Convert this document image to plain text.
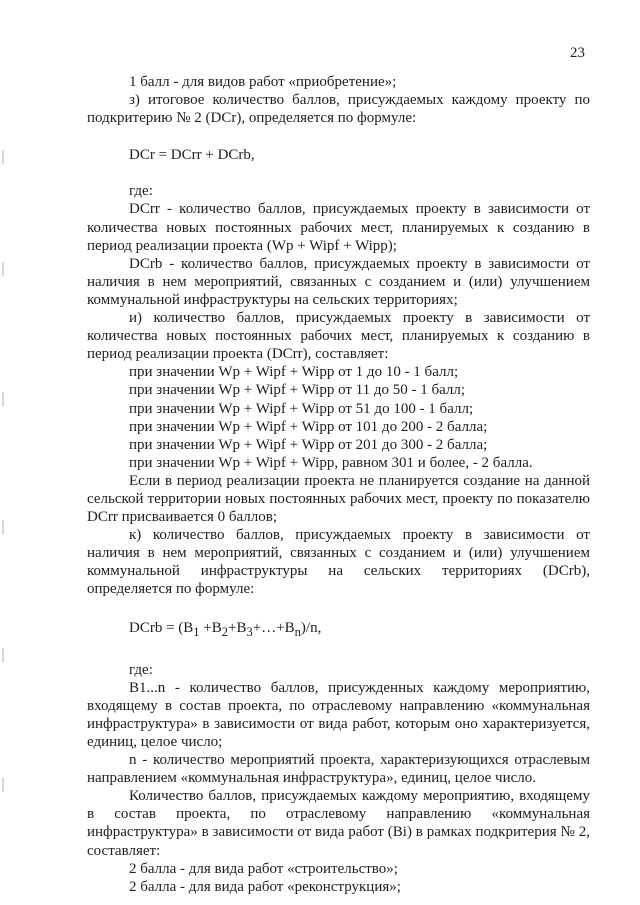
23

1 балл - для видов работ «приобретение»;

з) итоговое количество баллов, присуждаемых каждому проекту по подкритерию № 2 (DCr), определяется по формуле:

DCr = DCrr + DCrb,

где:

DCrr - количество баллов, присуждаемых проекту в зависимости от количества новых постоянных рабочих мест, планируемых к созданию в период реализации проекта (Wp + Wipf + Wipp);

DCrb - количество баллов, присуждаемых проекту в зависимости от наличия в нем мероприятий, связанных с созданием и (или) улучшением коммунальной инфраструктуры на сельских территориях;

и) количество баллов, присуждаемых проекту в зависимости от количества новых постоянных рабочих мест, планируемых к созданию в период реализации проекта (DCrr), составляет:

при значении Wp + Wipf + Wipp от 1 до 10 - 1 балл;

при значении Wp + Wipf + Wipp от 11 до 50 - 1 балл;

при значении Wp + Wipf + Wipp от 51 до 100 - 1 балл;

при значении Wp + Wipf + Wipp от 101 до 200 - 2 балла;

при значении Wp + Wipf + Wipp от 201 до 300 - 2 балла;

при значении Wp + Wipf + Wipp, равном 301 и более, - 2 балла.

Если в период реализации проекта не планируется создание на данной сельской территории новых постоянных рабочих мест, проекту по показателю DCrr присваивается 0 баллов;

к) количество баллов, присуждаемых проекту в зависимости от наличия в нем мероприятий, связанных с созданием и (или) улучшением коммунальной инфраструктуры на сельских территориях (DCrb), определяется по формуле:

DCrb = ($B_1$ $+B_2+B_3+\dots+B_n)/n$,

где:

B1...n - количество баллов, присужденных каждому мероприятию, входящему в состав проекта, по отраслевому направлению «коммунальная инфраструктура» в зависимости от вида работ, которым оно характеризуется, единиц, целое число;

n - количество мероприятий проекта, характеризующихся отраслевым направлением «коммунальная инфраструктура», единиц, целое число.

Количество баллов, присуждаемых каждому мероприятию, входящему в состав проекта, по отраслевому направлению «коммунальная инфраструктура» в зависимости от вида работ (Bi) в рамках подкритерия № 2, составляет:

2 балла - для вида работ «строительство»;

2 балла - для вида работ «реконструкция»;
